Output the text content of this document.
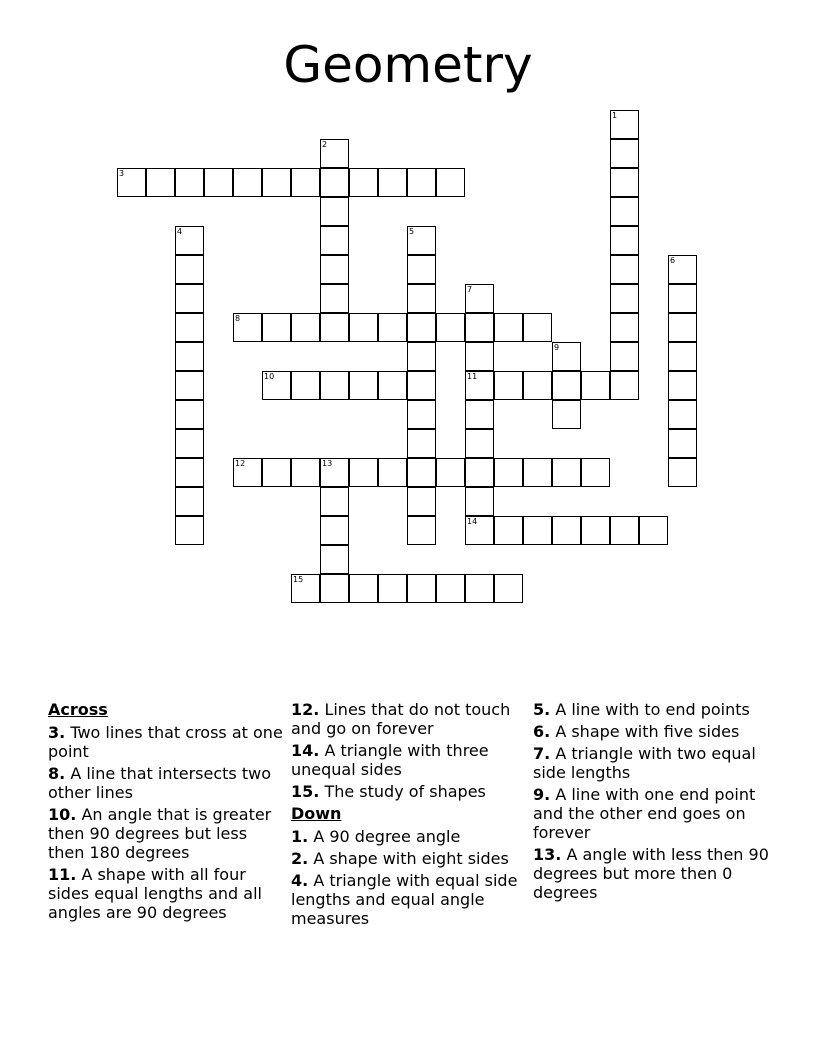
Geometry
1
2
3
4	5
6
7
11
8
9
10
12	13
14
15
Across
3. Two lines that cross at one point
8. A line that intersects two other lines
10. An angle that is greater then 90 degrees but less then 180 degrees
11. A shape with all four sides equal lengths and all angles are 90 degrees
12. Lines that do not touch and go on forever
14. A triangle with three unequal sides
15. The study of shapes
Down
1. A 90 degree angle
2. A shape with eight sides
4. A triangle with equal side lengths and equal angle measures
5. A line with to end points
6. A shape with five sides
7. A triangle with two equal side lengths
9. A line with one end point and the other end goes on forever
13. A angle with less then 90 degrees but more then 0 degrees
